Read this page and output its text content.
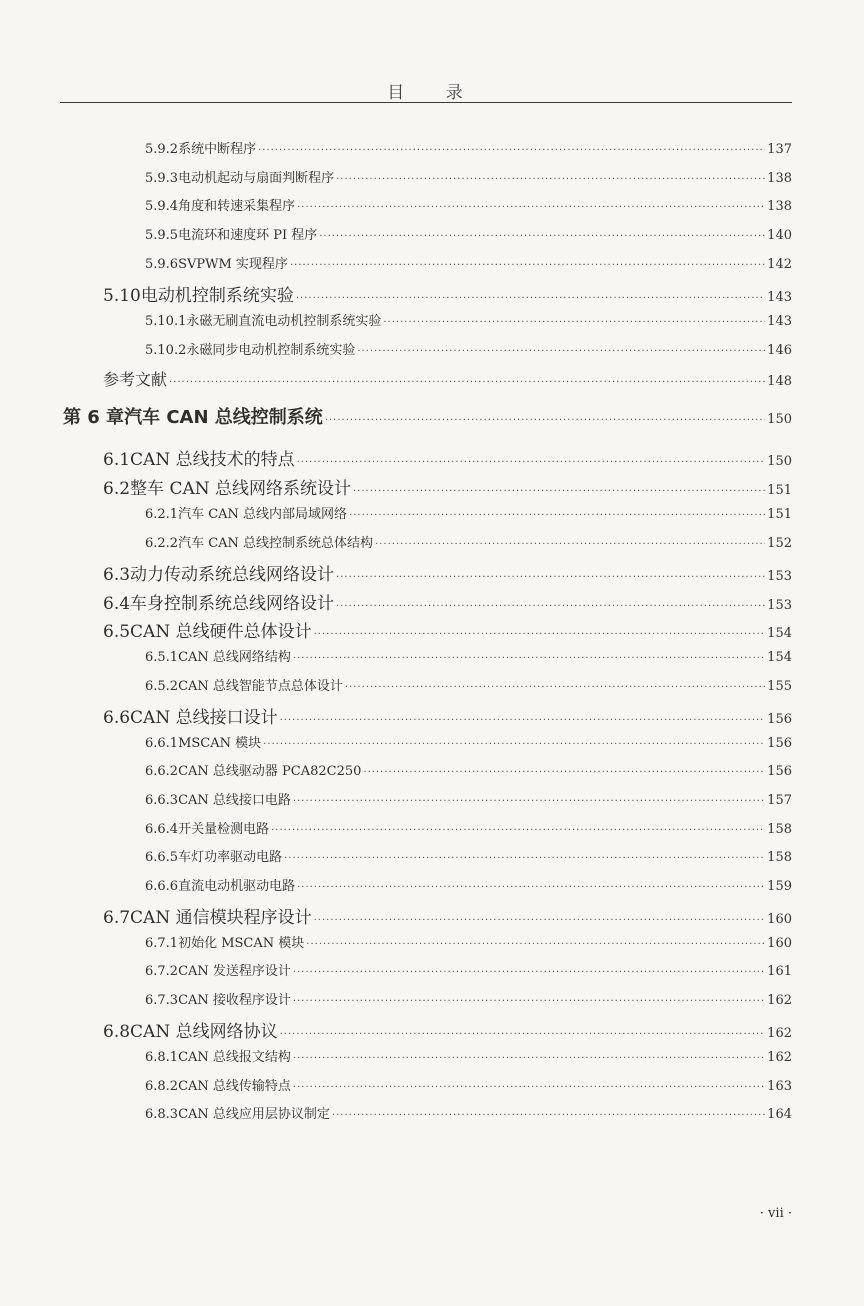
目 录
5.9.2 系统中断程序 ·····	137
5.9.3 电动机起动与扇面判断程序 ·····	138
5.9.4 角度和转速采集程序 ·····	138
5.9.5 电流环和速度环 PI 程序 ·····	140
5.9.6 SVPWM 实现程序 ·····	142
5.10 电动机控制系统实验 ·····	143
5.10.1 永磁无刷直流电动机控制系统实验 ·····	143
5.10.2 永磁同步电动机控制系统实验 ·····	146
参考文献 ·····	148
第 6 章 汽车 CAN 总线控制系统 ·····	150
6.1 CAN 总线技术的特点 ·····	150
6.2 整车 CAN 总线网络系统设计 ·····	151
6.2.1 汽车 CAN 总线内部局域网络 ·····	151
6.2.2 汽车 CAN 总线控制系统总体结构 ·····	152
6.3 动力传动系统总线网络设计 ·····	153
6.4 车身控制系统总线网络设计 ·····	153
6.5 CAN 总线硬件总体设计 ·····	154
6.5.1 CAN 总线网络结构 ·····	154
6.5.2 CAN 总线智能节点总体设计 ·····	155
6.6 CAN 总线接口设计 ·····	156
6.6.1 MSCAN 模块 ·····	156
6.6.2 CAN 总线驱动器 PCA82C250 ·····	156
6.6.3 CAN 总线接口电路 ·····	157
6.6.4 开关量检测电路 ·····	158
6.6.5 车灯功率驱动电路 ·····	158
6.6.6 直流电动机驱动电路 ·····	159
6.7 CAN 通信模块程序设计 ·····	160
6.7.1 初始化 MSCAN 模块 ·····	160
6.7.2 CAN 发送程序设计 ·····	161
6.7.3 CAN 接收程序设计 ·····	162
6.8 CAN 总线网络协议 ·····	162
6.8.1 CAN 总线报文结构 ·····	162
6.8.2 CAN 总线传输特点 ·····	163
6.8.3 CAN 总线应用层协议制定 ·····	164
· vii ·
